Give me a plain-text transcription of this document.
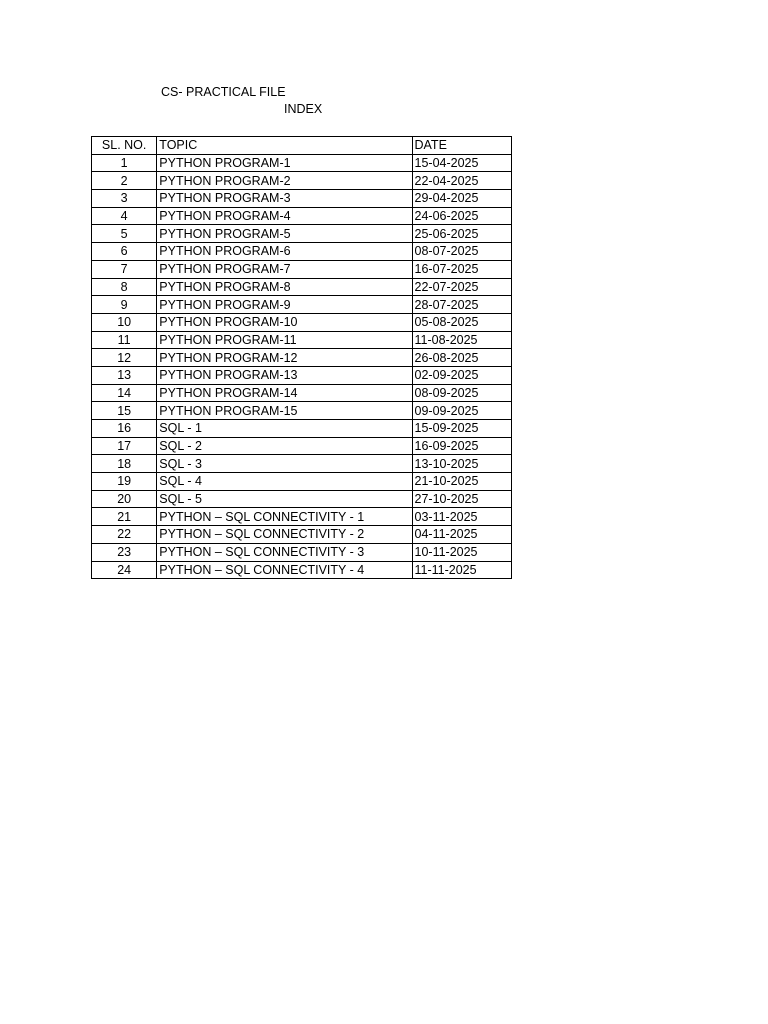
CS- PRACTICAL FILE
INDEX
SL. NO.	TOPIC	DATE
1	PYTHON PROGRAM-1	15-04-2025
2	PYTHON PROGRAM-2	22-04-2025
3	PYTHON PROGRAM-3	29-04-2025
4	PYTHON PROGRAM-4	24-06-2025
5	PYTHON PROGRAM-5	25-06-2025
6	PYTHON PROGRAM-6	08-07-2025
7	PYTHON PROGRAM-7	16-07-2025
8	PYTHON PROGRAM-8	22-07-2025
9	PYTHON PROGRAM-9	28-07-2025
10	PYTHON PROGRAM-10	05-08-2025
11	PYTHON PROGRAM-11	11-08-2025
12	PYTHON PROGRAM-12	26-08-2025
13	PYTHON PROGRAM-13	02-09-2025
14	PYTHON PROGRAM-14	08-09-2025
15	PYTHON PROGRAM-15	09-09-2025
16	SQL - 1	15-09-2025
17	SQL - 2	16-09-2025
18	SQL - 3	13-10-2025
19	SQL - 4	21-10-2025
20	SQL - 5	27-10-2025
21	PYTHON – SQL CONNECTIVITY - 1	03-11-2025
22	PYTHON – SQL CONNECTIVITY - 2	04-11-2025
23	PYTHON – SQL CONNECTIVITY - 3	10-11-2025
24	PYTHON – SQL CONNECTIVITY - 4	11-11-2025
